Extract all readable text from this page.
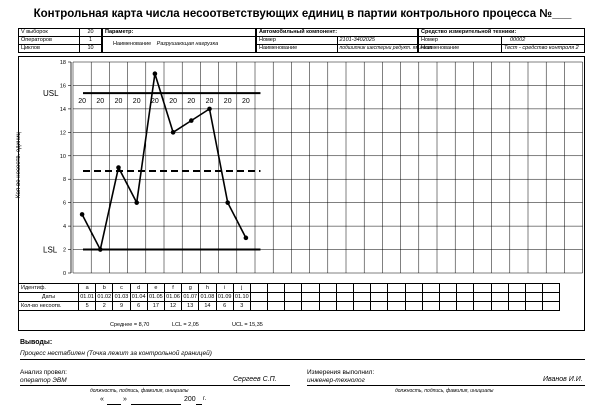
Контрольная карта числа несоответствующих единиц в партии контрольного процесса №___
V выборок	20
Операторов	1
Циклов	10
Параметр:
Наименование Разрушающая нагрузка
Автомобильный компонент:	
Номер	2101-3402025
Наименование	подшипник шестерни редукт. ям.кост
Средство измерительной техники:	
Номер	00002
Наименование	Тест - средство контроля 2
0
2
4
6
8
10
12
14
16
18
USL
LSL
20 20 20 20 20 20 20 20 20 20
Кол-во несоотв. единиц
Идентиф.	a	b	c	d	e	f	g	h	i	j																		
Даты	01.01	01.02	01.03	01.04	01.05	01.06	01.07	01.08	01.09	01.10																		
Кол-во несоотв.	5	2	9	6	17	12	13	14	6	3																		
Среднее = 8,70	LCL = 2,05	UCL = 15,35
Выводы:
Процесс нестабилен (Точка лежит за контрольной границей)
Анализ провел:
оператор ЭВМ	Сергеев С.П.
должность, подпись, фамилия, инициалы
Измерения выполнил:
инженер-технолог	Иванов И.И.
должность, подпись, фамилия, инициалы
«	»	200 г.
